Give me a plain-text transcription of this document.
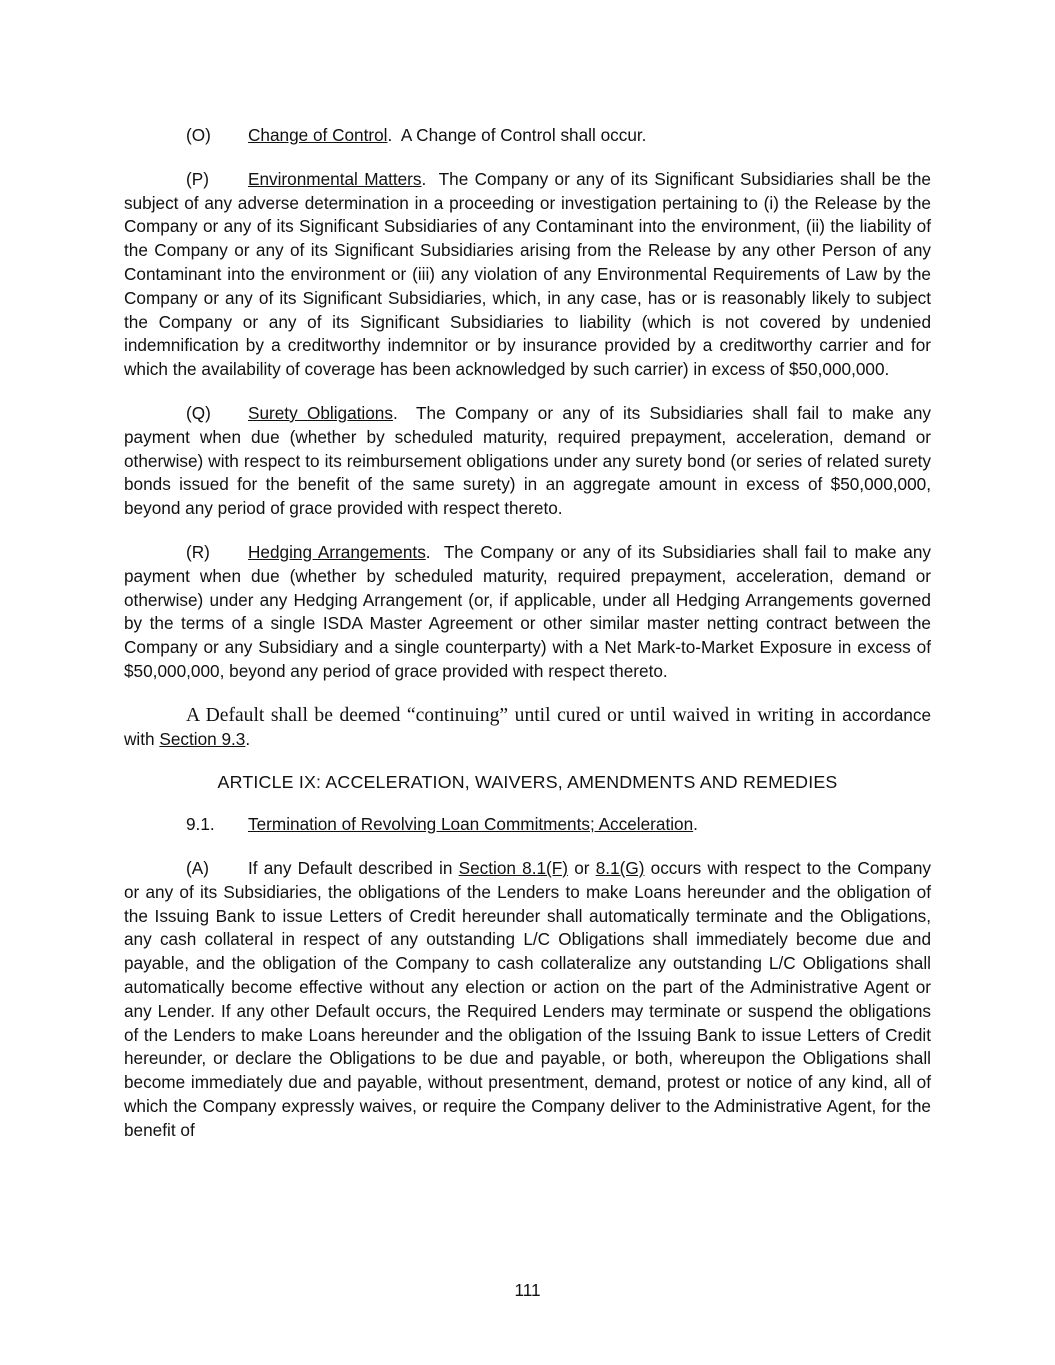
(O) Change of Control.  A Change of Control shall occur.

(P) Environmental Matters.  The Company or any of its Significant Subsidiaries shall be the subject of any adverse determination in a proceeding or investigation pertaining to (i) the Release by the Company or any of its Significant Subsidiaries of any Contaminant into the environment, (ii) the liability of the Company or any of its Significant Subsidiaries arising from the Release by any other Person of any Contaminant into the environment or (iii) any violation of any Environmental Requirements of Law by the Company or any of its Significant Subsidiaries, which, in any case, has or is reasonably likely to subject the Company or any of its Significant Subsidiaries to liability (which is not covered by undenied indemnification by a creditworthy indemnitor or by insurance provided by a creditworthy carrier and for which the availability of coverage has been acknowledged by such carrier) in excess of $50,000,000.

(Q) Surety Obligations.  The Company or any of its Subsidiaries shall fail to make any payment when due (whether by scheduled maturity, required prepayment, acceleration, demand or otherwise) with respect to its reimbursement obligations under any surety bond (or series of related surety bonds issued for the benefit of the same surety) in an aggregate amount in excess of $50,000,000, beyond any period of grace provided with respect thereto.

(R) Hedging Arrangements.  The Company or any of its Subsidiaries shall fail to make any payment when due (whether by scheduled maturity, required prepayment, acceleration, demand or otherwise) under any Hedging Arrangement (or, if applicable, under all Hedging Arrangements governed by the terms of a single ISDA Master Agreement or other similar master netting contract between the Company or any Subsidiary and a single counterparty) with a Net Mark-to-Market Exposure in excess of $50,000,000, beyond any period of grace provided with respect thereto.

A Default shall be deemed “continuing” until cured or until waived in writing in accordance with Section 9.3.

ARTICLE IX: ACCELERATION, WAIVERS, AMENDMENTS AND REMEDIES

9.1. Termination of Revolving Loan Commitments; Acceleration.

(A) If any Default described in Section 8.1(F) or 8.1(G) occurs with respect to the Company or any of its Subsidiaries, the obligations of the Lenders to make Loans hereunder and the obligation of the Issuing Bank to issue Letters of Credit hereunder shall automatically terminate and the Obligations, any cash collateral in respect of any outstanding L/C Obligations shall immediately become due and payable, and the obligation of the Company to cash collateralize any outstanding L/C Obligations shall automatically become effective without any election or action on the part of the Administrative Agent or any Lender. If any other Default occurs, the Required Lenders may terminate or suspend the obligations of the Lenders to make Loans hereunder and the obligation of the Issuing Bank to issue Letters of Credit hereunder, or declare the Obligations to be due and payable, or both, whereupon the Obligations shall become immediately due and payable, without presentment, demand, protest or notice of any kind, all of which the Company expressly waives, or require the Company deliver to the Administrative Agent, for the benefit of

111
